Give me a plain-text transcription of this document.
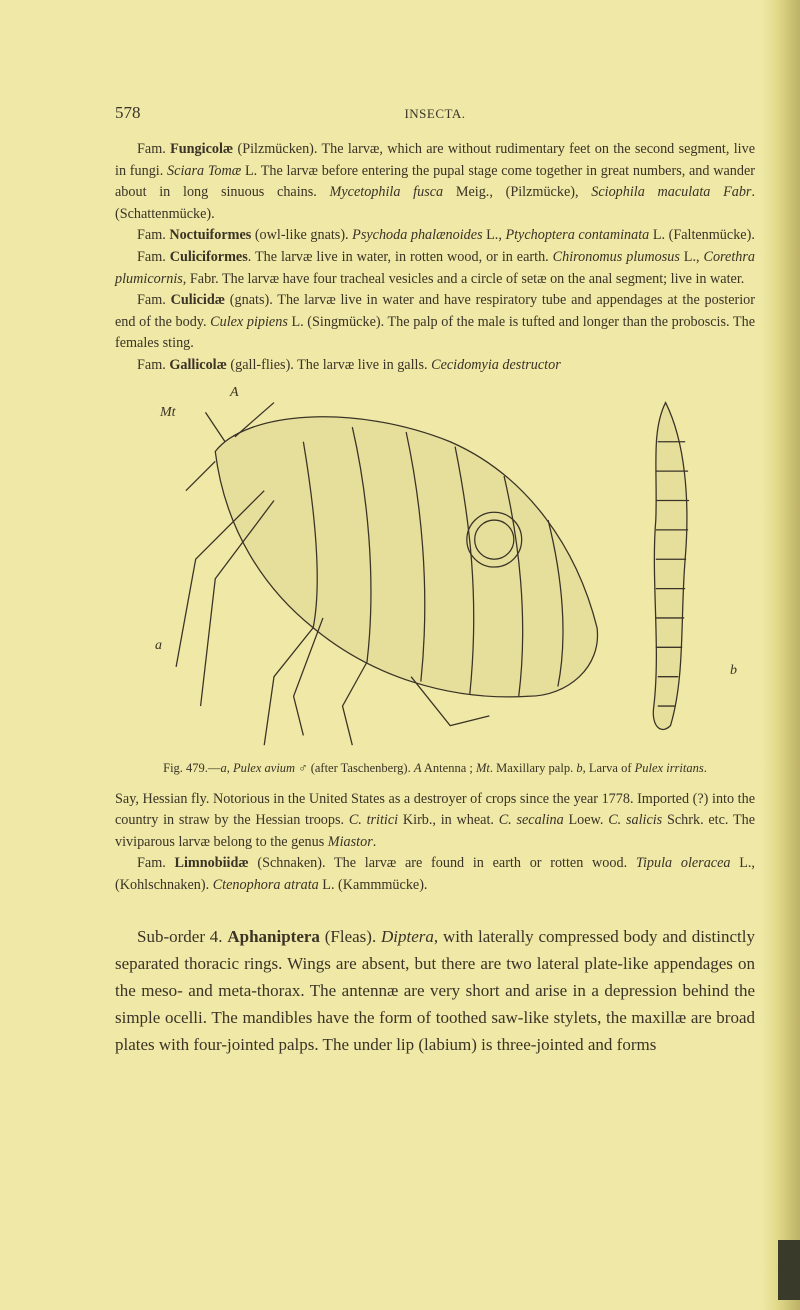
578	INSECTA.

Fam. Fungicolæ (Pilzmücken). The larvæ, which are without rudimentary feet on the second segment, live in fungi. Sciara Tomæ L. The larvæ before entering the pupal stage come together in great numbers, and wander about in long sinuous chains. Mycetophila fusca Meig., (Pilzmücke), Sciophila maculata Fabr. (Schattenmücke).

Fam. Noctuiformes (owl-like gnats). Psychoda phalænoides L., Ptychoptera contaminata L. (Faltenmücke).

Fam. Culiciformes. The larvæ live in water, in rotten wood, or in earth. Chironomus plumosus L., Corethra plumicornis, Fabr. The larvæ have four tracheal vesicles and a circle of setæ on the anal segment; live in water.

Fam. Culicidæ (gnats). The larvæ live in water and have respiratory tube and appendages at the posterior end of the body. Culex pipiens L. (Singmücke). The palp of the male is tufted and longer than the proboscis. The females sting.

Fam. Gallicolæ (gall-flies). The larvæ live in galls. Cecidomyia destructor

A
Mt
a
b
Fig. 479.—a, Pulex avium ♂ (after Taschenberg). A Antenna ; Mt. Maxillary palp. b, Larva of Pulex irritans.

Say, Hessian fly. Notorious in the United States as a destroyer of crops since the year 1778. Imported (?) into the country in straw by the Hessian troops. C. tritici Kirb., in wheat. C. secalina Loew. C. salicis Schrk. etc. The viviparous larvæ belong to the genus Miastor.

Fam. Limnobiidæ (Schnaken). The larvæ are found in earth or rotten wood. Tipula oleracea L., (Kohlschnaken). Ctenophora atrata L. (Kammmücke).

Sub-order 4. Aphaniptera (Fleas). Diptera, with laterally compressed body and distinctly separated thoracic rings. Wings are absent, but there are two lateral plate-like appendages on the meso- and meta-thorax. The antennæ are very short and arise in a depression behind the simple ocelli. The mandibles have the form of toothed saw-like stylets, the maxillæ are broad plates with four-jointed palps. The under lip (labium) is three-jointed and forms
